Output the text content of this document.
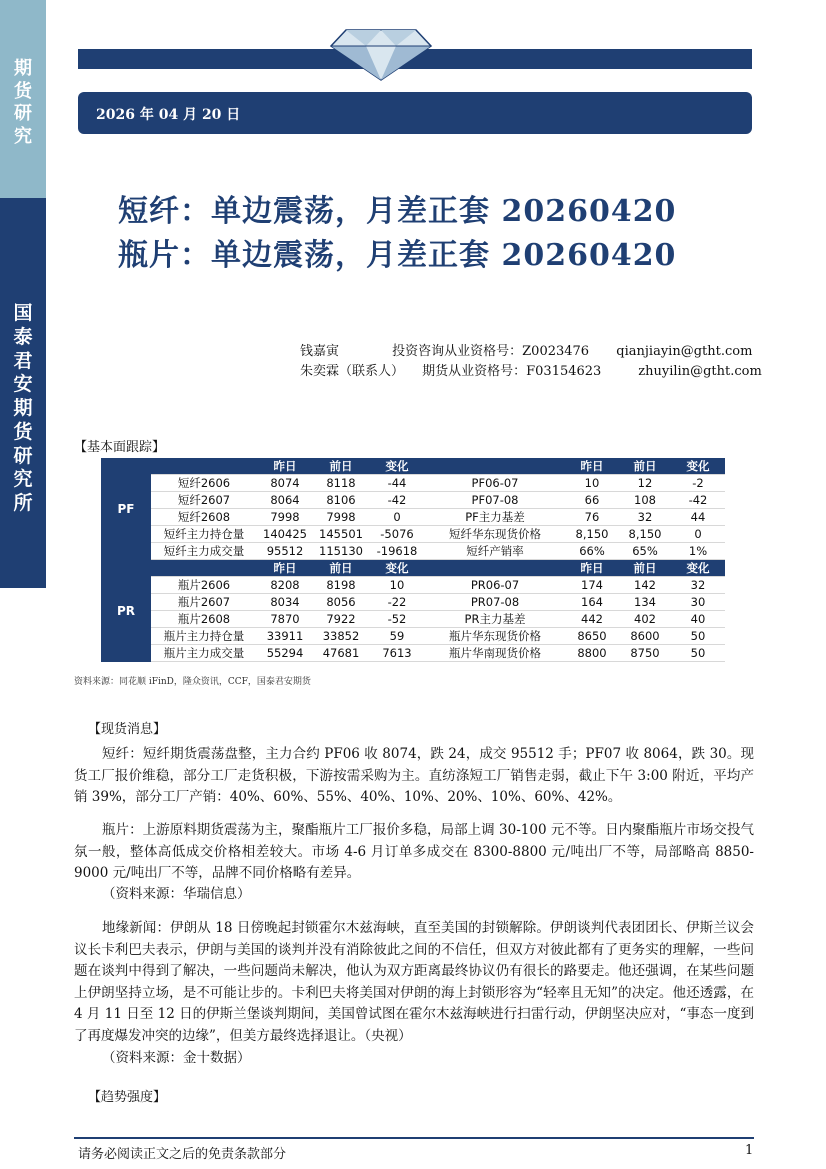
期
货
研
究
国
泰
君
安
期
货
研
究
所
2026 年 04 月 20 日
短纤：单边震荡，月差正套 20260420
瓶片：单边震荡，月差正套 20260420
钱嘉寅	投资咨询从业资格号：Z0023476 qianjiayin@gtht.com
朱奕霖（联系人） 期货从业资格号：F03154623	zhuyilin@gtht.com
【基本面跟踪】
PF		昨日	前日	变化		昨日	前日	变化
	短纤2606	8074	8118	-44	PF06-07	10	12	-2
	短纤2607	8064	8106	-42	PF07-08	66	108	-42
	短纤2608	7998	7998	0	PF主力基差	76	32	44
	短纤主力持仓量	140425	145501	-5076	短纤华东现货价格	8,150	8,150	0
	短纤主力成交量	95512	115130	-19618	短纤产销率	66%	65%	1%
PR		昨日	前日	变化		昨日	前日	变化
	瓶片2606	8208	8198	10	PR06-07	174	142	32
	瓶片2607	8034	8056	-22	PR07-08	164	134	30
	瓶片2608	7870	7922	-52	PR主力基差	442	402	40
	瓶片主力持仓量	33911	33852	59	瓶片华东现货价格	8650	8600	50
	瓶片主力成交量	55294	47681	7613	瓶片华南现货价格	8800	8750	50
资料来源：同花顺 iFinD，隆众资讯，CCF，国泰君安期货
【现货消息】
短纤：短纤期货震荡盘整，主力合约 PF06 收 8074，跌 24，成交 95512 手；PF07 收 8064，跌 30。现货工厂报价维稳，部分工厂走货积极，下游按需采购为主。直纺涤短工厂销售走弱，截止下午 3:00 附近，平均产销 39%，部分工厂产销：40%、60%、55%、40%、10%、20%、10%、60%、42%。
瓶片：上游原料期货震荡为主，聚酯瓶片工厂报价多稳，局部上调 30-100 元不等。日内聚酯瓶片市场交投气氛一般，整体高低成交价格相差较大。市场 4-6 月订单多成交在 8300-8800 元/吨出厂不等，局部略高 8850-9000 元/吨出厂不等，品牌不同价格略有差异。
（资料来源：华瑞信息）
地缘新闻：伊朗从 18 日傍晚起封锁霍尔木兹海峡，直至美国的封锁解除。伊朗谈判代表团团长、伊斯兰议会议长卡利巴夫表示，伊朗与美国的谈判并没有消除彼此之间的不信任，但双方对彼此都有了更务实的理解，一些问题在谈判中得到了解决，一些问题尚未解决，他认为双方距离最终协议仍有很长的路要走。他还强调，在某些问题上伊朗坚持立场，是不可能让步的。卡利巴夫将美国对伊朗的海上封锁形容为“轻率且无知”的决定。他还透露，在 4 月 11 日至 12 日的伊斯兰堡谈判期间，美国曾试图在霍尔木兹海峡进行扫雷行动，伊朗坚决应对，“事态一度到了再度爆发冲突的边缘”，但美方最终选择退让。（央视）
（资料来源：金十数据）
【趋势强度】
请务必阅读正文之后的免责条款部分	1
